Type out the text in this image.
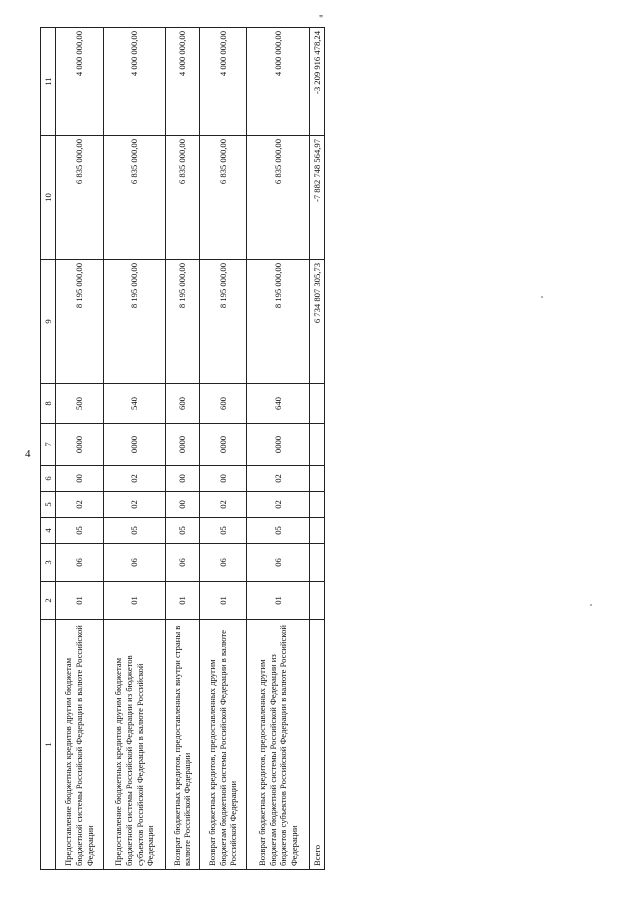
4
1	2	3	4	5	6	7	8	9	10	11
Предоставление бюджетных кредитов другим бюджетам бюджетной системы Российской Федерации в валюте Российской Федерации	01	06	05	02	00	0000	500	8 195 000,00	6 835 000,00	4 000 000,00
Предоставление бюджетных кредитов другим бюджетам бюджетной системы Российской Федерации из бюджетов субъектов Российской Федерации в валюте Российской Федерации	01	06	05	02	02	0000	540	8 195 000,00	6 835 000,00	4 000 000,00
Возврат бюджетных кредитов, предоставленных внутри страны в валюте Российской Федерации	01	06	05	00	00	0000	600	8 195 000,00	6 835 000,00	4 000 000,00
Возврат бюджетных кредитов, предоставленных другим бюджетам бюджетной системы Российской Федерации в валюте Российской Федерации	01	06	05	02	00	0000	600	8 195 000,00	6 835 000,00	4 000 000,00
Возврат бюджетных кредитов, предоставленных другим бюджетам бюджетной системы Российской Федерации из бюджетов субъектов Российской Федерации в валюте Российской Федерации	01	06	05	02	02	0000	640	8 195 000,00	6 835 000,00	4 000 000,00
Всего								6 734 807 305,73	-7 882 748 564,97	-3 209 916 478,24
"
